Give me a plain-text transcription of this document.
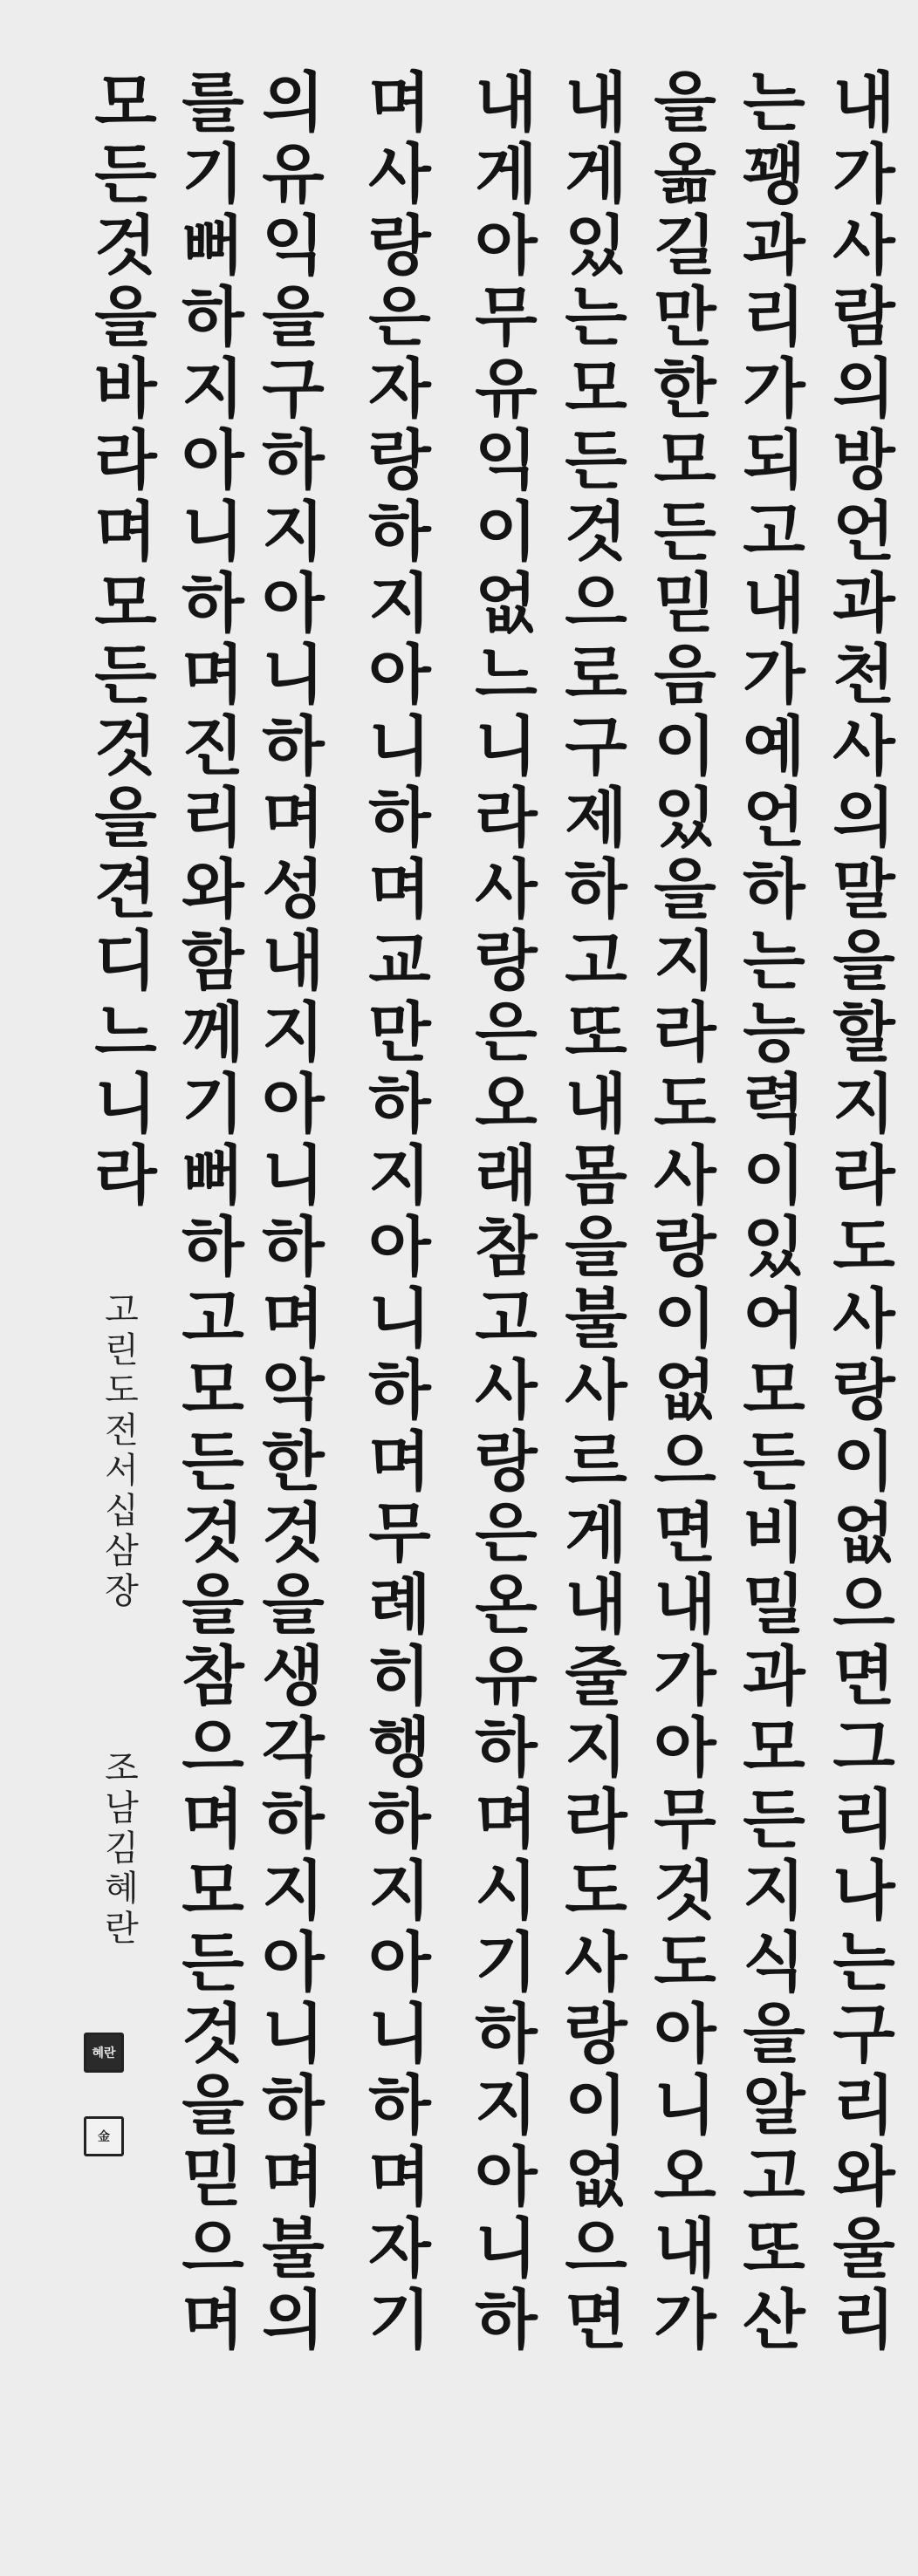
내가사람의방언과천사의말을할지라도사랑이없으면그리나는구리와울리
는꽹과리가되고내가예언하는능력이있어모든비밀과모든지식을알고또산
을옮길만한모든믿음이있을지라도사랑이없으면내가아무것도아니오내가
내게있는모든것으로구제하고또내몸을불사르게내줄지라도사랑이없으면
내게아무유익이없느니라사랑은오래참고사랑은온유하며시기하지아니하
며사랑은자랑하지아니하며교만하지아니하며무례히행하지아니하며자기
의유익을구하지아니하며성내지아니하며악한것을생각하지아니하며불의
를기뻐하지아니하며진리와함께기뻐하고모든것을참으며모든것을믿으며
모든것을바라며모든것을견디느니라
고린도전서십삼장
조남김혜란
혜란
金
